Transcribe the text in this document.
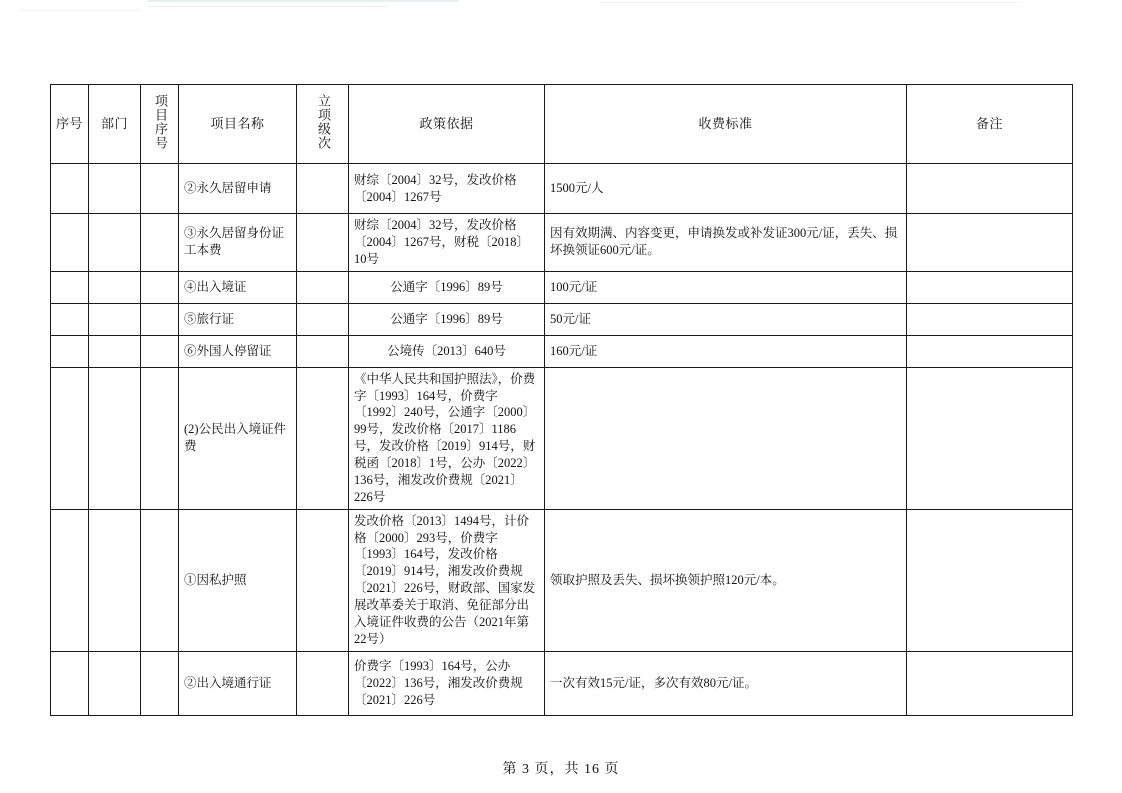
序号	部门	项目序号	项目名称	立项级次	政策依据	收费标准	备注
			②永久居留申请		财综〔2004〕32号，发改价格〔2004〕1267号	1500元/人	
			③永久居留身份证工本费		财综〔2004〕32号，发改价格〔2004〕1267号，财税〔2018〕10号	因有效期满、内容变更，申请换发或补发证300元/证，丢失、损坏换领证600元/证。	
			④出入境证		公通字〔1996〕89号	100元/证	
			⑤旅行证		公通字〔1996〕89号	50元/证	
			⑥外国人停留证		公境传〔2013〕640号	160元/证	
			(2)公民出入境证件费		《中华人民共和国护照法》，价费字〔1993〕164号，价费字〔1992〕240号，公通字〔2000〕99号，发改价格〔2017〕1186号，发改价格〔2019〕914号，财税函〔2018〕1号，公办〔2022〕136号，湘发改价费规〔2021〕226号		
			①因私护照		发改价格〔2013〕1494号，计价格〔2000〕293号，价费字〔1993〕164号，发改价格〔2019〕914号，湘发改价费规〔2021〕226号，财政部、国家发展改革委关于取消、免征部分出入境证件收费的公告（2021年第22号）	领取护照及丢失、损坏换领护照120元/本。	
			②出入境通行证		价费字〔1993〕164号，公办〔2022〕136号，湘发改价费规〔2021〕226号	一次有效15元/证，多次有效80元/证。	
第 3 页，共 16 页
